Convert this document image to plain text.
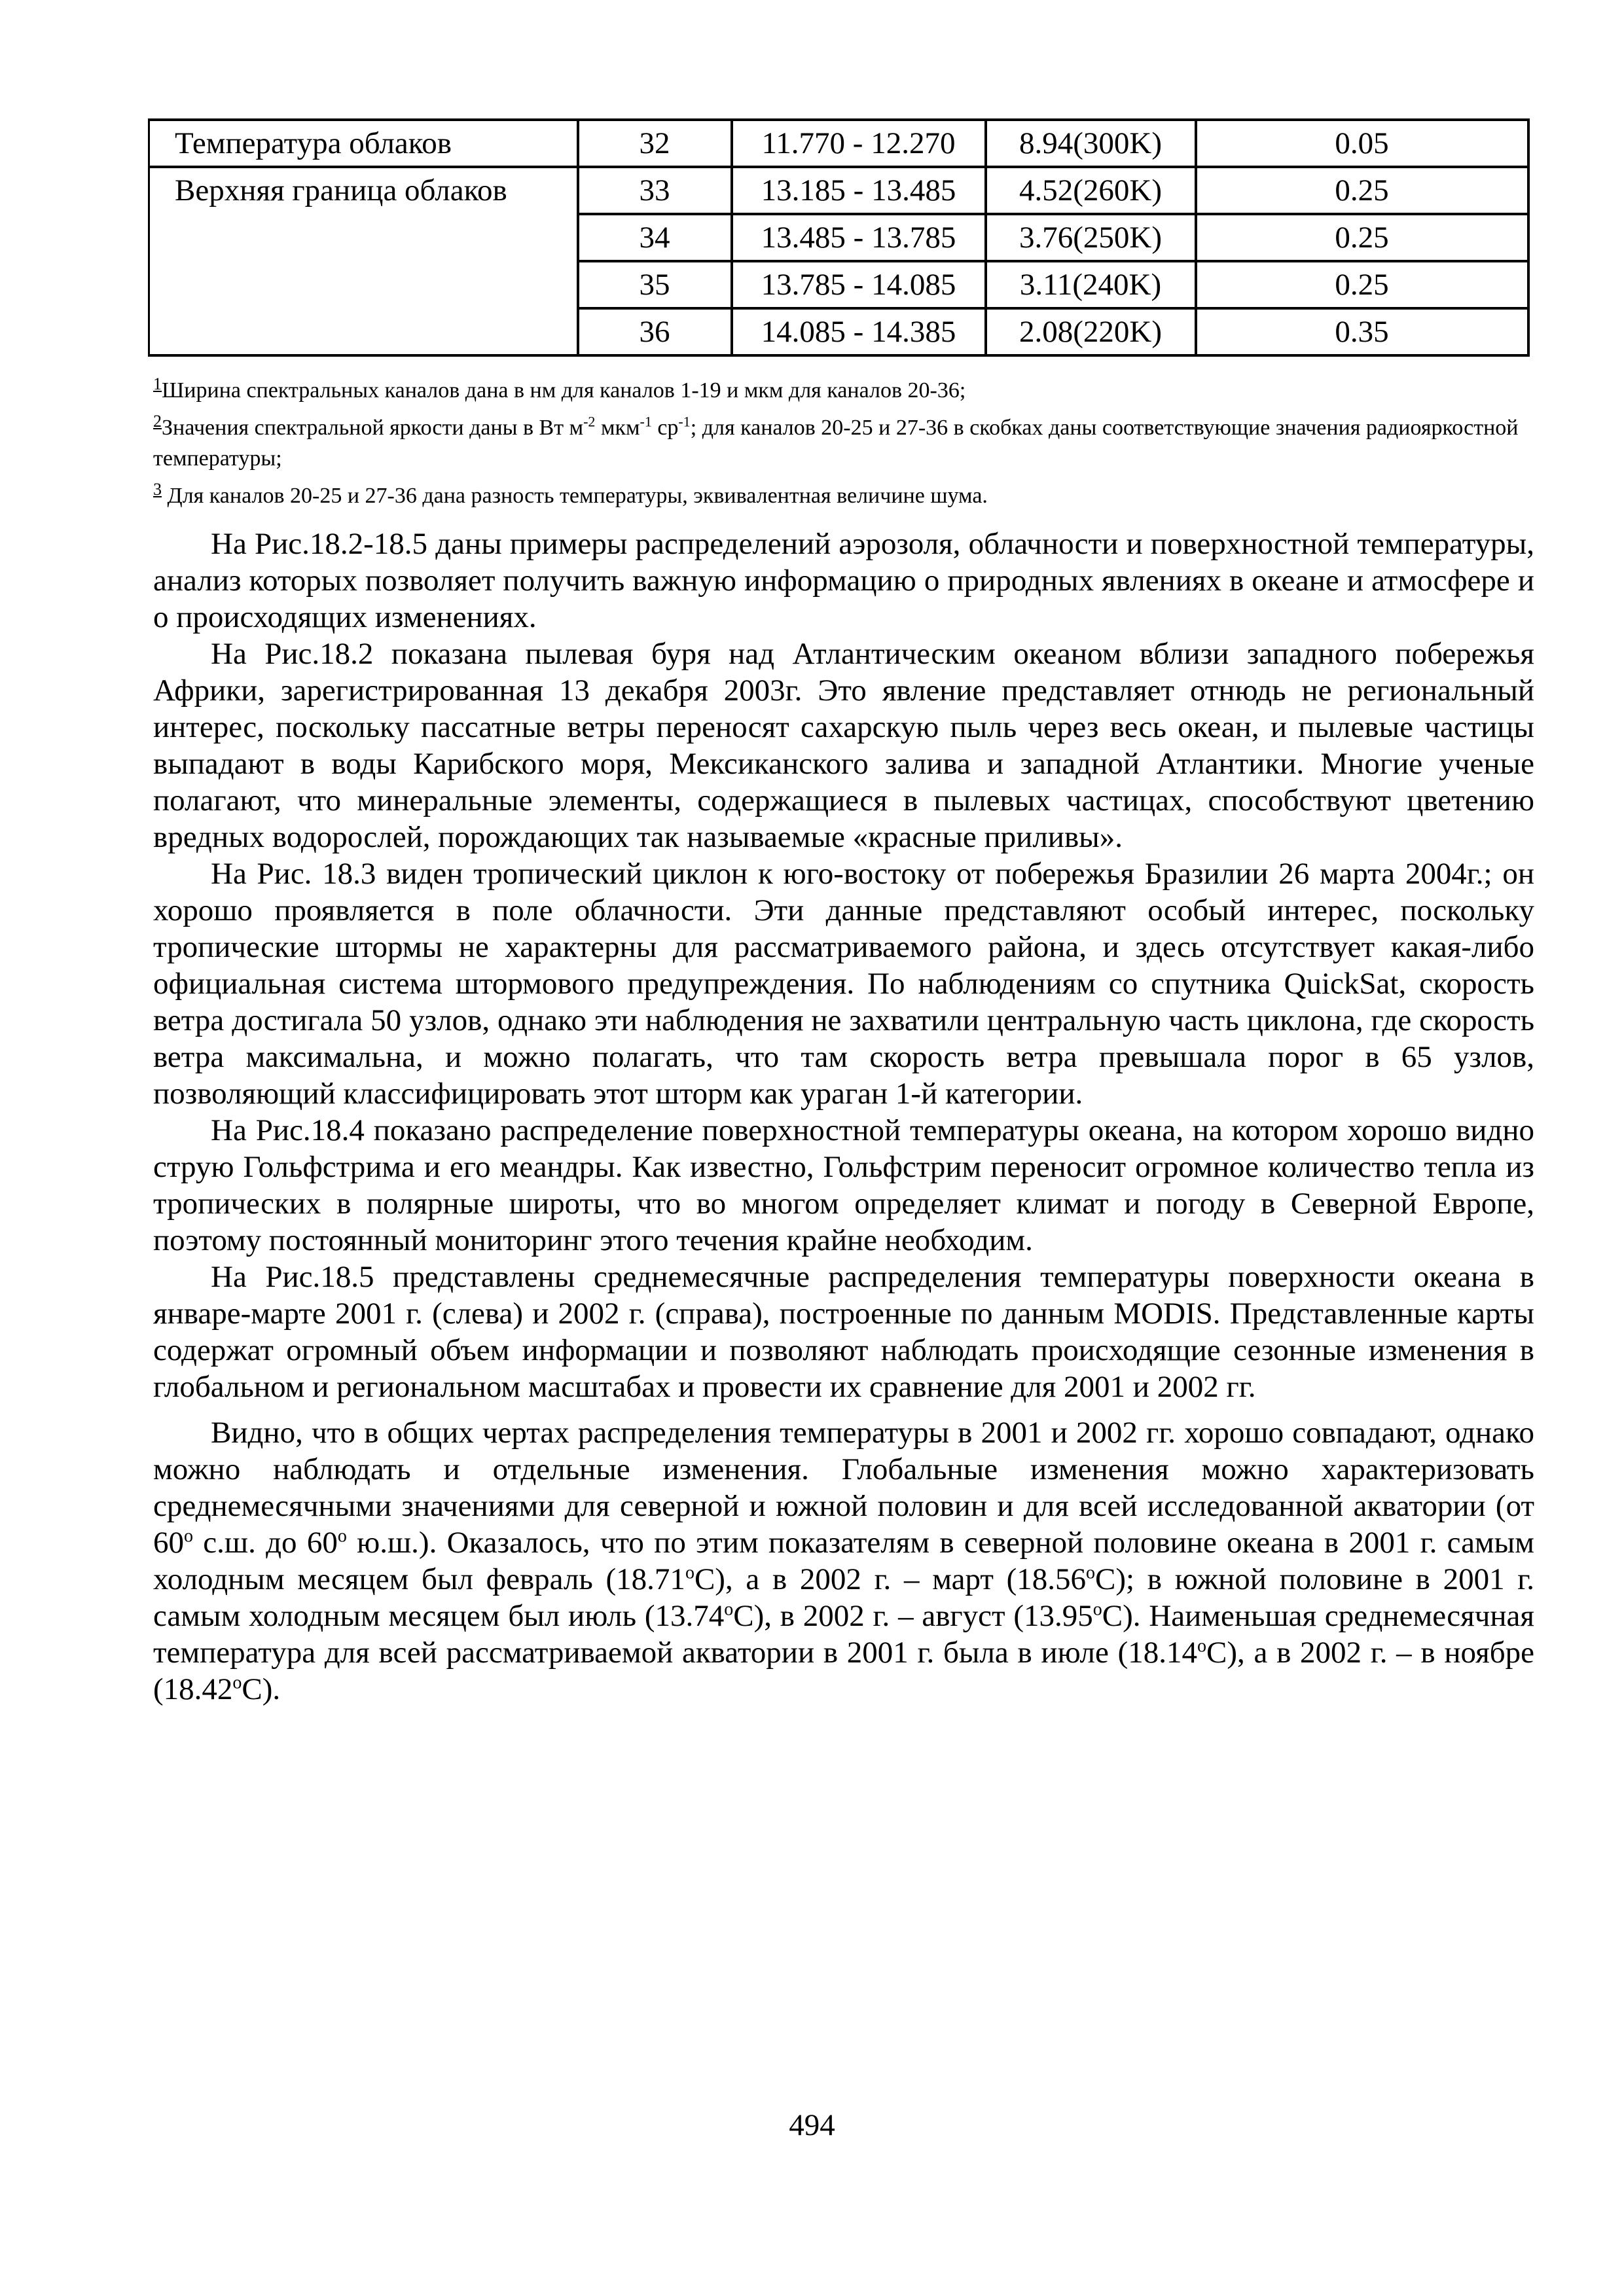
Температура облаков	32	11.770 - 12.270	8.94(300K)	0.05
Верхняя граница облаков	33	13.185 - 13.485	4.52(260K)	0.25
	34	13.485 - 13.785	3.76(250K)	0.25
	35	13.785 - 14.085	3.11(240K)	0.25
	36	14.085 - 14.385	2.08(220K)	0.35

$^1$Ширина спектральных каналов дана в нм для каналов 1-19 и мкм для каналов 20-36;

$^2$Значения спектральной яркости даны в Вт $м^{-2}$ мкм$^{-1}$ $ср^{-1}$; для каналов 20-25 и 27-36 в скобках даны соответствующие значения радиояркостной температуры;

$^3$ Для каналов 20-25 и 27-36 дана разность температуры, эквивалентная величине шума.

На Рис.18.2-18.5 даны примеры распределений аэрозоля, облачности и поверхностной температуры, анализ которых позволяет получить важную информацию о природных явлениях в океане и атмосфере и о происходящих изменениях.

На Рис.18.2 показана пылевая буря над Атлантическим океаном вблизи западного побережья Африки, зарегистрированная 13 декабря 2003г. Это явление представляет отнюдь не региональный интерес, поскольку пассатные ветры переносят сахарскую пыль через весь океан, и пылевые частицы выпадают в воды Карибского моря, Мексиканского залива и западной Атлантики. Многие ученые полагают, что минеральные элементы, содержащиеся в пылевых частицах, способствуют цветению вредных водорослей, порождающих так называемые «красные приливы».

На Рис. 18.3 виден тропический циклон к юго-востоку от побережья Бразилии 26 марта 2004г.; он хорошо проявляется в поле облачности. Эти данные представляют особый интерес, поскольку тропические штормы не характерны для рассматриваемого района, и здесь отсутствует какая-либо официальная система штормового предупреждения. По наблюдениям со спутника QuickSat, скорость ветра достигала 50 узлов, однако эти наблюдения не захватили центральную часть циклона, где скорость ветра максимальна, и можно полагать, что там скорость ветра превышала порог в 65 узлов, позволяющий классифицировать этот шторм как ураган 1-й категории.

На Рис.18.4 показано распределение поверхностной температуры океана, на котором хорошо видно струю Гольфстрима и его меандры. Как известно, Гольфстрим переносит огромное количество тепла из тропических в полярные широты, что во многом определяет климат и погоду в Северной Европе, поэтому постоянный мониторинг этого течения крайне необходим.

На Рис.18.5 представлены среднемесячные распределения температуры поверхности океана в январе-марте 2001 г. (слева) и 2002 г. (справа), построенные по данным MODIS. Представленные карты содержат огромный объем информации и позволяют наблюдать происходящие сезонные изменения в глобальном и региональном масштабах и провести их сравнение для 2001 и 2002 гг.

Видно, что в общих чертах распределения температуры в 2001 и 2002 гг. хорошо совпадают, однако можно наблюдать и отдельные изменения. Глобальные изменения можно характеризовать среднемесячными значениями для северной и южной половин и для всей исследованной акватории (от 60$^o$ с.ш. до 60$^o$ ю.ш.). Оказалось, что по этим показателям в северной половине океана в 2001 г. самым холодным месяцем был февраль (18.71$^o$С), а в 2002 г. – март (18.56$^o$С); в южной половине в 2001 г. самым холодным месяцем был июль (13.74$^o$С), в 2002 г. – август (13.95$^o$С). Наименьшая среднемесячная температура для всей рассматриваемой акватории в 2001 г. была в июле (18.14$^o$С), а в 2002 г. – в ноябре (18.42$^o$С).

494
